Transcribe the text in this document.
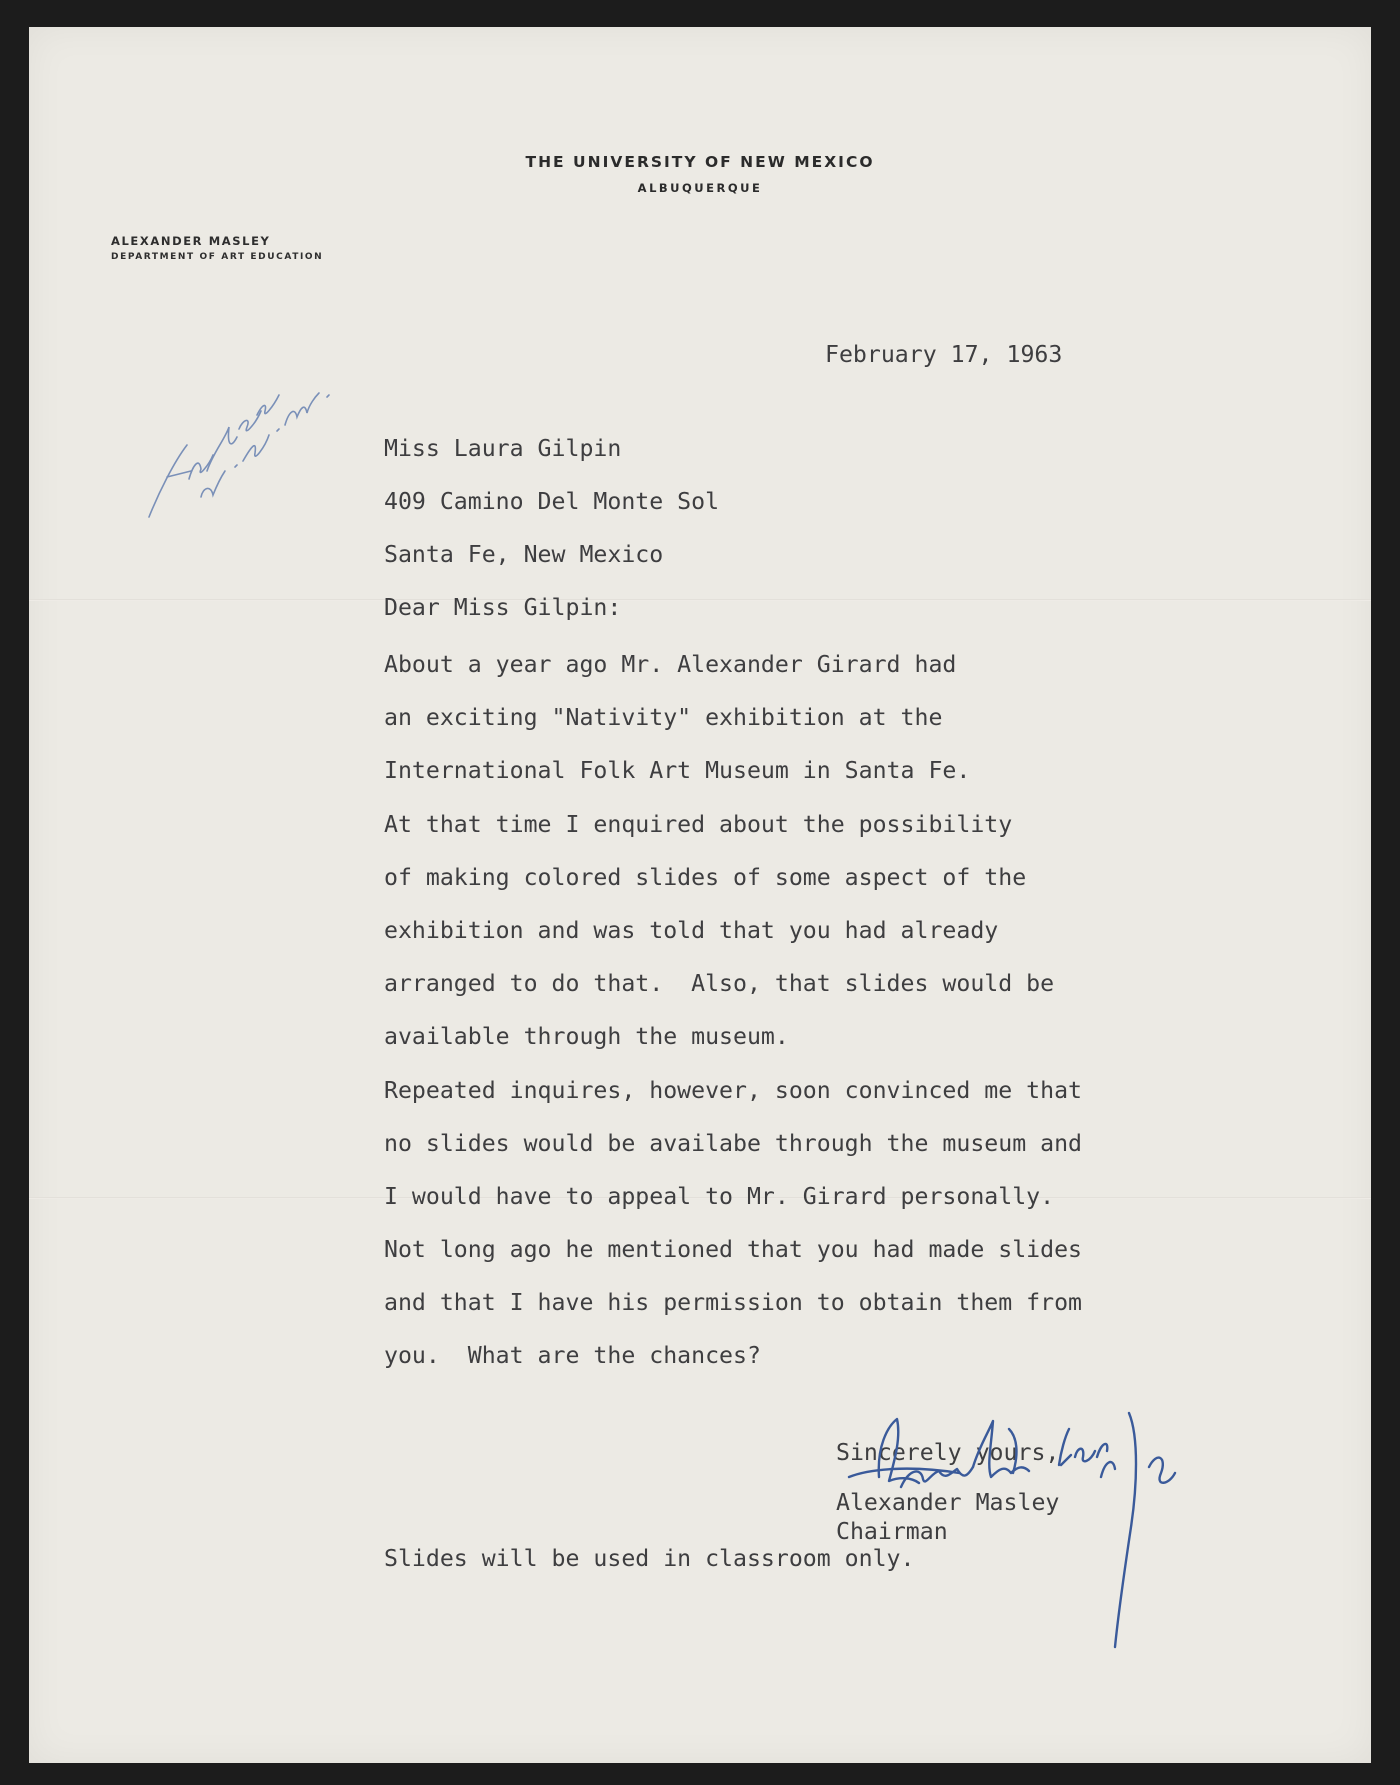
THE UNIVERSITY OF NEW MEXICO
ALBUQUERQUE
ALEXANDER MASLEY
DEPARTMENT OF ART EDUCATION
February 17, 1963
Miss Laura Gilpin
409 Camino Del Monte Sol
Santa Fe, New Mexico
Dear Miss Gilpin:
About a year ago Mr. Alexander Girard had
an exciting "Nativity" exhibition at the
International Folk Art Museum in Santa Fe.
At that time I enquired about the possibility
of making colored slides of some aspect of the
exhibition and was told that you had already
arranged to do that.  Also, that slides would be
available through the museum.
Repeated inquires, however, soon convinced me that
no slides would be availabe through the museum and
I would have to appeal to Mr. Girard personally.
Not long ago he mentioned that you had made slides
and that I have his permission to obtain them from
you.  What are the chances?
Sincerely yours,
Alexander Masley
Chairman
Slides will be used in classroom only.
